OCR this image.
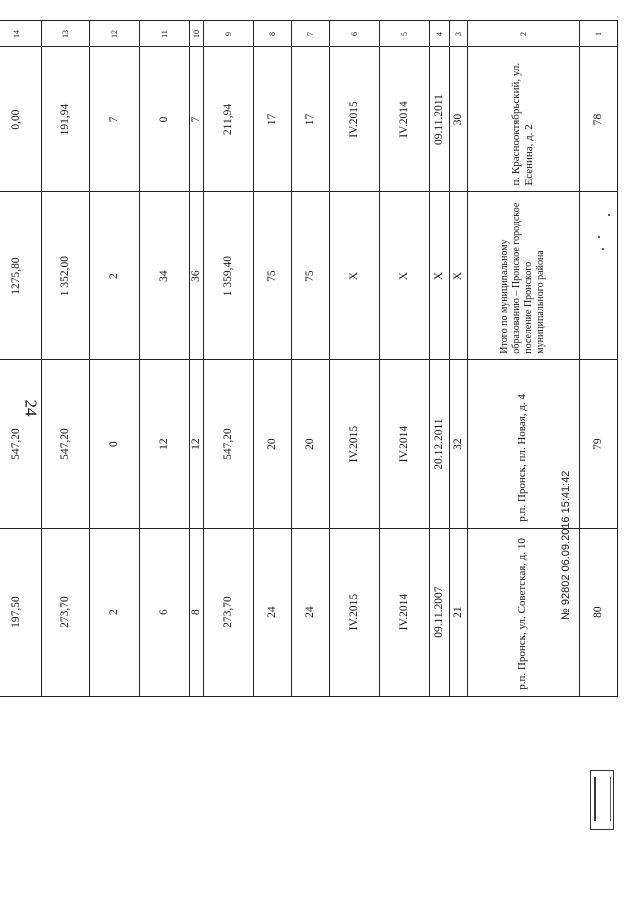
24
1	78		79	80
2	п. Краснооктябрьский, ул. Есенина, д. 2	Итого по муниципальному образованию – Пронское городское поселение Пронского муниципального района	р.п. Пронск, пл. Новая, д. 4	р.п. Пронск, ул. Советская, д. 10
3	30	X	32	21
4	09.11.2011	X	20.12.2011	09.11.2007
5	IV.2014	X	IV.2014	IV.2014
6	IV.2015	X	IV.2015	IV.2015
7	17	75	20	24
8	17	75	20	24
9	211,94	1 359,40	547,20	273,70
10	7	36	12	8
11	0	34	12	6
12	7	2	0	2
13	191,94	1 352,00	547,20	273,70
14	0,00	1275,80	547,20	197,50

					№ 92802 06.09.2016 15:41:42
